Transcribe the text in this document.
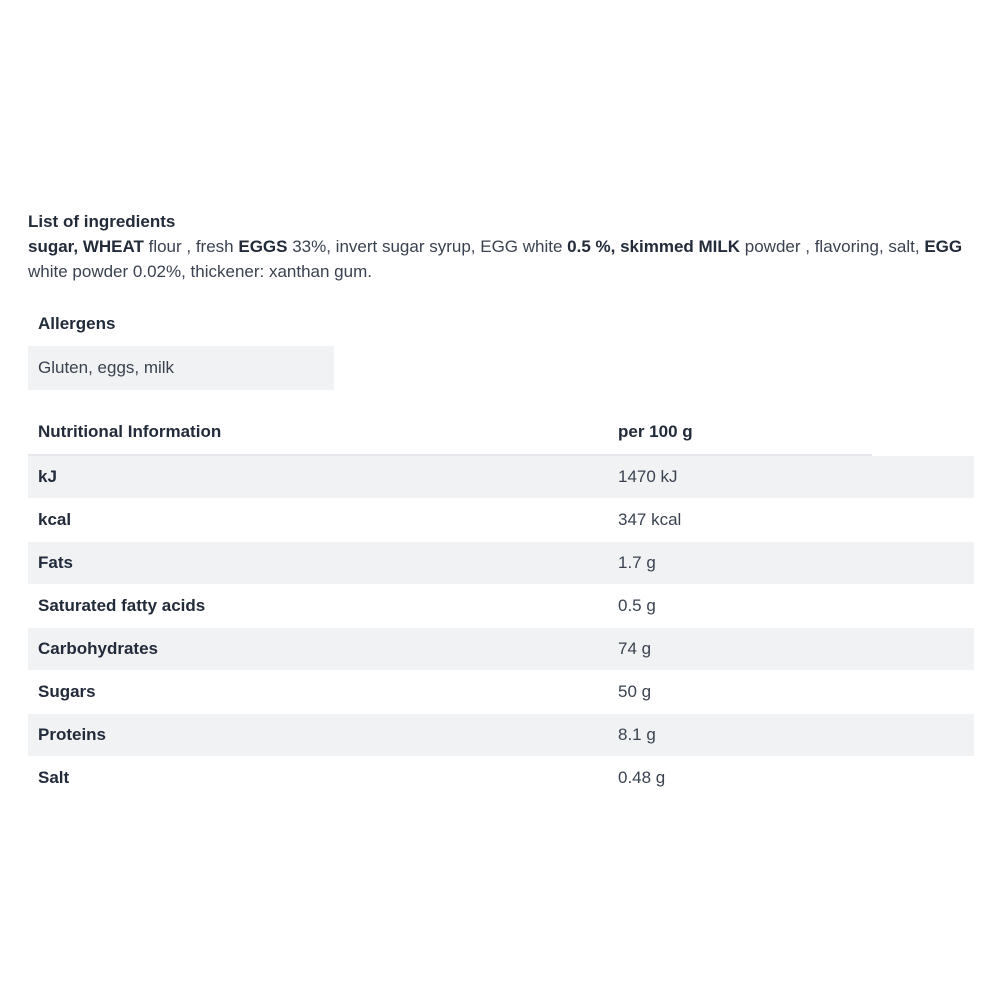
List of ingredients
sugar, WHEAT flour , fresh EGGS 33%, invert sugar syrup, EGG white 0.5 %, skimmed MILK powder , flavoring, salt, EGG white powder 0.02%, thickener: xanthan gum.
Allergens
Gluten, eggs, milk
Nutritional Information	per 100 g
kJ	1470 kJ
kcal	347 kcal
Fats	1.7 g
Saturated fatty acids	0.5 g
Carbohydrates	74 g
Sugars	50 g
Proteins	8.1 g
Salt	0.48 g
